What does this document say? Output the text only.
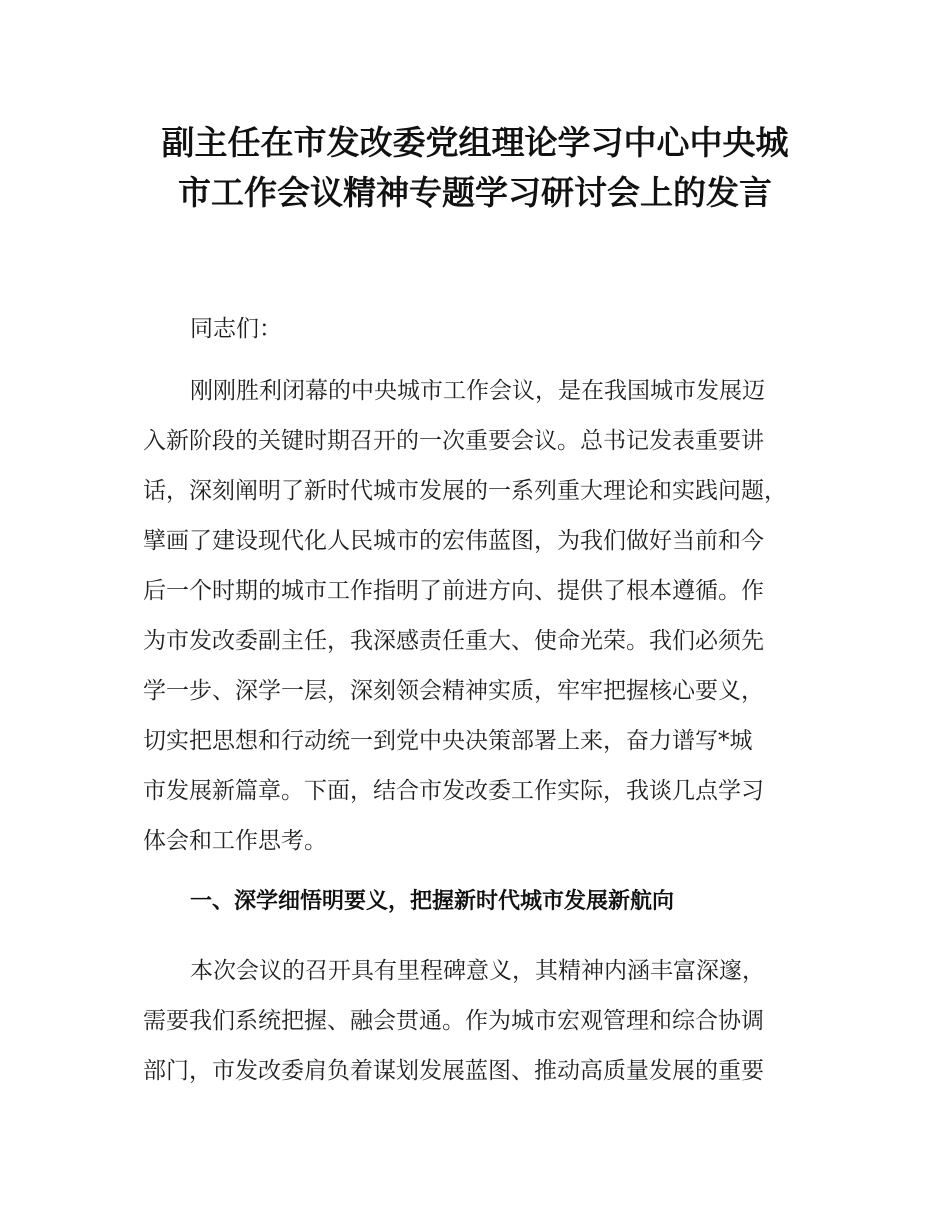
副主任在市发改委党组理论学习中心中央城
市工作会议精神专题学习研讨会上的发言
同志们：
刚刚胜利闭幕的中央城市工作会议，是在我国城市发展迈
入新阶段的关键时期召开的一次重要会议。总书记发表重要讲
话，深刻阐明了新时代城市发展的一系列重大理论和实践问题，
擘画了建设现代化人民城市的宏伟蓝图，为我们做好当前和今
后一个时期的城市工作指明了前进方向、提供了根本遵循。作
为市发改委副主任，我深感责任重大、使命光荣。我们必须先
学一步、深学一层，深刻领会精神实质，牢牢把握核心要义，
切实把思想和行动统一到党中央决策部署上来，奋力谱写*城
市发展新篇章。下面，结合市发改委工作实际，我谈几点学习
体会和工作思考。
一、深学细悟明要义，把握新时代城市发展新航向
本次会议的召开具有里程碑意义，其精神内涵丰富深邃，
需要我们系统把握、融会贯通。作为城市宏观管理和综合协调
部门，市发改委肩负着谋划发展蓝图、推动高质量发展的重要
